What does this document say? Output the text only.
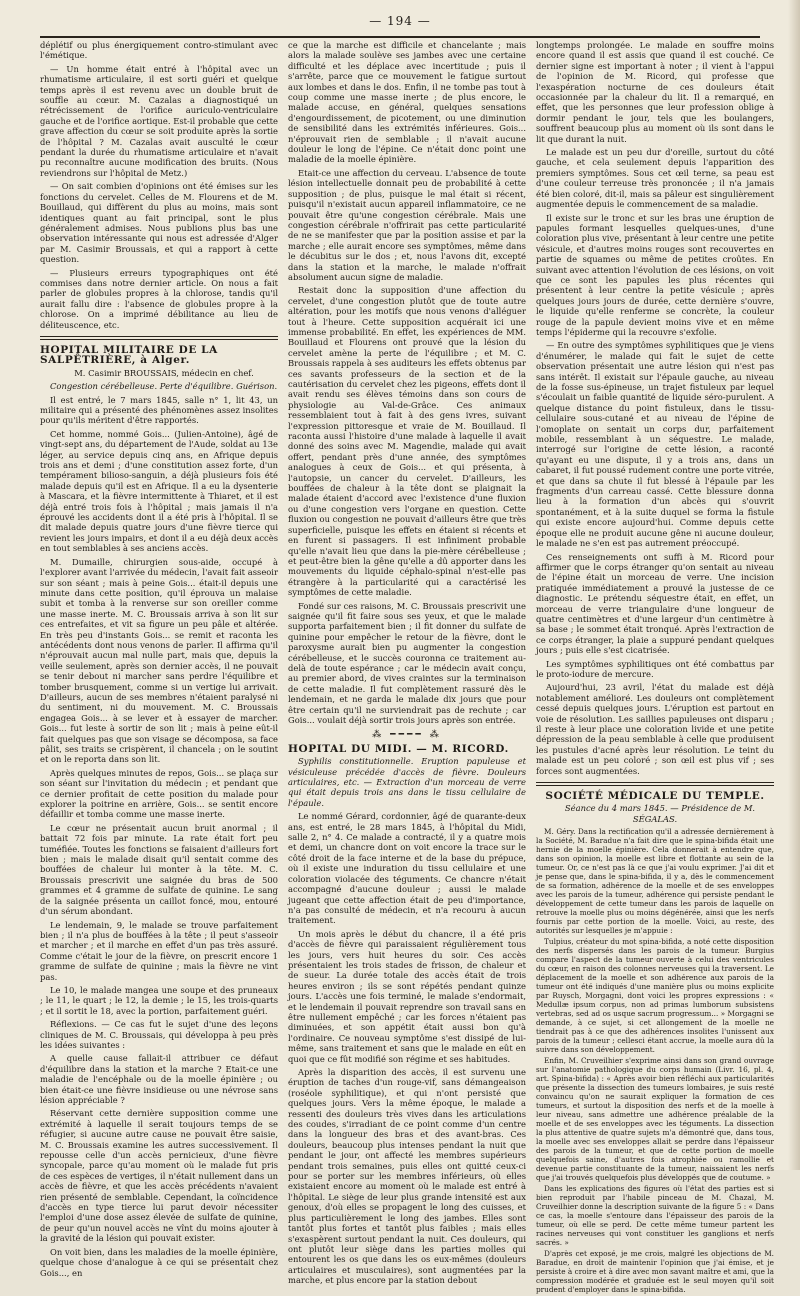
— 194 —

déplétif ou plus énergiquement contro-stimulant avec l'émétique.

— Un homme était entré à l'hôpital avec un rhumatisme articulaire, il est sorti guéri et quelque temps après il est revenu avec un double bruit de souffle au cœur. M. Cazalas a diagnostiqué un rétrécissement de l'orifice auriculo-ventriculaire gauche et de l'orifice aortique. Est-il probable que cette grave affection du cœur se soit produite après la sortie de l'hôpital ? M. Cazalas avait ausculté le cœur pendant la durée du rhumatisme articulaire et n'avait pu reconnaître aucune modification des bruits. (Nous reviendrons sur l'hôpital de Metz.)

— On sait combien d'opinions ont été émises sur les fonctions du cervelet. Celles de M. Flourens et de M. Bouillaud, qui diffèrent du plus au moins, mais sont identiques quant au fait principal, sont le plus généralement admises. Nous publions plus bas une observation intéressante qui nous est adressée d'Alger par M. Casimir Broussais, et qui a rapport à cette question.

— Plusieurs erreurs typographiques ont été commises dans notre dernier article. On nous a fait parler de globules propres à la chlorose, tandis qu'il aurait fallu dire : l'absence de globules propre à la chlorose. On a imprimé débilitance au lieu de déliteuscence, etc.

HOPITAL MILITAIRE DE LA SALPÊTRIÈRE, à Alger.

M. Casimir BROUSSAIS, médecin en chef.

Congestion cérébelleuse. Perte d'équilibre. Guérison.

Il est entré, le 7 mars 1845, salle n° 1, lit 43, un militaire qui a présenté des phénomènes assez insolites pour qu'ils méritent d'être rapportés.

Cet homme, nommé Gois... (Julien-Antoine), âgé de vingt-sept ans, du département de l'Aude, soldat au 13e léger, au service depuis cinq ans, en Afrique depuis trois ans et demi ; d'une constitution assez forte, d'un tempérament bilioso-sanguin, a déjà plusieurs fois été malade depuis qu'il est en Afrique. Il a eu la dysenterie à Mascara, et la fièvre intermittente à Thiaret, et il est déjà entré trois fois à l'hôpital ; mais jamais il n'a éprouvé les accidents dont il a été pris à l'hôpital. Il se dit malade depuis quatre jours d'une fièvre tierce qui revient les jours impairs, et dont il a eu déjà deux accès en tout semblables à ses anciens accès.

M. Dumaille, chirurgien sous-aide, occupé à l'explorer avant l'arrivée du médecin, l'avait fait asseoir sur son séant ; mais à peine Gois... était-il depuis une minute dans cette position, qu'il éprouva un malaise subit et tomba à la renverse sur son oreiller comme une masse inerte. M. C. Broussais arriva à son lit sur ces entrefaites, et vit sa figure un peu pâle et altérée. En très peu d'instants Gois... se remit et raconta les antécédents dont nous venons de parler. Il affirma qu'il n'éprouvait aucun mal nulle part, mais que, depuis la veille seulement, après son dernier accès, il ne pouvait se tenir debout ni marcher sans perdre l'équilibre et tomber brusquement, comme si un vertige lui arrivait. D'ailleurs, aucun de ses membres n'étaient paralysé ni du sentiment, ni du mouvement. M. C. Broussais engagea Gois... à se lever et à essayer de marcher. Gois... fut leste à sortir de son lit ; mais à peine eût-il fait quelques pas que son visage se décomposa, sa face pâlit, ses traits se crispèrent, il chancela ; on le soutint et on le reporta dans son lit.

Après quelques minutes de repos, Gois... se plaça sur son séant sur l'invitation du médecin ; et pendant que ce dernier profitait de cette position du malade pour explorer la poitrine en arrière, Gois... se sentit encore défaillir et tomba comme une masse inerte.

Le cœur ne présentait aucun bruit anormal ; il battait 72 fois par minute. La rate était fort peu tuméfiée. Toutes les fonctions se faisaient d'ailleurs fort bien ; mais le malade disait qu'il sentait comme des bouffées de chaleur lui monter à la tête. M. C. Broussais prescrivit une saignée du bras de 500 grammes et 4 gramme de sulfate de quinine. Le sang de la saignée présenta un caillot foncé, mou, entouré d'un sérum abondant.

Le lendemain, 9, le malade se trouve parfaitement bien ; il n'a plus de bouffées à la tête ; il peut s'asseoir et marcher ; et il marche en effet d'un pas très assuré. Comme c'était le jour de la fièvre, on prescrit encore 1 gramme de sulfate de quinine ; mais la fièvre ne vint pas.

Le 10, le malade mangea une soupe et des pruneaux ; le 11, le quart ; le 12, la demie ; le 15, les trois-quarts ; et il sortit le 18, avec la portion, parfaitement guéri.

Réflexions. — Ce cas fut le sujet d'une des leçons cliniques de M. C. Broussais, qui développa à peu près les idées suivantes :

A quelle cause fallait-il attribuer ce défaut d'équilibre dans la station et la marche ? Etait-ce une maladie de l'encéphale ou de la moelle épinière ; ou bien était-ce une fièvre insidieuse ou une névrose sans lésion appréciable ?

Réservant cette dernière supposition comme une extrémité à laquelle il serait toujours temps de se réfugier, si aucune autre cause ne pouvait être saisie, M. C. Broussais examine les autres successivement. Il repousse celle d'un accès pernicieux, d'une fièvre syncopale, parce qu'au moment où le malade fut pris de ces espèces de vertiges, il n'était nullement dans un accès de fièvre, et que les accès précédents n'avaient rien présenté de semblable. Cependant, la coïncidence d'accès en type tierce lui parut devoir nécessiter l'emploi d'une dose assez élevée de sulfate de quinine, de peur qu'un nouvel accès ne vînt du moins ajouter à la gravité de la lésion qui pouvait exister.

On voit bien, dans les maladies de la moelle épinière, quelque chose d'analogue à ce qui se présentait chez Gois..., en

ce que la marche est difficile et chancelante ; mais alors la malade soulève ses jambes avec une certaine difficulté et les déplace avec incertitude ; puis il s'arrête, parce que ce mouvement le fatigue surtout aux lombes et dans le dos. Enfin, il ne tombe pas tout à coup comme une masse inerte ; de plus encore, le malade accuse, en général, quelques sensations d'engourdissement, de picotement, ou une diminution de sensibilité dans les extrémités inférieures. Gois... n'éprouvait rien de semblable ; il n'avait aucune douleur le long de l'épine. Ce n'était donc point une maladie de la moelle épinière.

Etait-ce une affection du cerveau. L'absence de toute lésion intellectuelle donnait peu de probabilité à cette supposition ; de plus, puisque le mal était si récent, puisqu'il n'existait aucun appareil inflammatoire, ce ne pouvait être qu'une congestion cérébrale. Mais une congestion cérébrale n'offrirait pas cette particularité de ne se manifester que par la position assise et par la marche ; elle aurait encore ses symptômes, même dans le décubitus sur le dos ; et, nous l'avons dit, excepté dans la station et la marche, le malade n'offrait absolument aucun signe de maladie.

Restait donc la supposition d'une affection du cervelet, d'une congestion plutôt que de toute autre altération, pour les motifs que nous venons d'alléguer tout à l'heure. Cette supposition acquérait ici une immense probabilité. En effet, les expériences de MM. Bouillaud et Flourens ont prouvé que la lésion du cervelet amène la perte de l'équilibre ; et M. C. Broussais rappela à ses auditeurs les effets obtenus par ces savants professeurs de la section et de la cautérisation du cervelet chez les pigeons, effets dont il avait rendu ses élèves témoins dans son cours de physiologie au Val-de-Grâce. Ces animaux ressemblaient tout à fait à des gens ivres, suivant l'expression pittoresque et vraie de M. Bouillaud. Il raconta aussi l'histoire d'une malade à laquelle il avait donné des soins avec M. Magendie, malade qui avait offert, pendant près d'une année, des symptômes analogues à ceux de Gois... et qui présenta, à l'autopsie, un cancer du cervelet. D'ailleurs, les bouffées de chaleur à la tête dont se plaignait la malade étaient d'accord avec l'existence d'une fluxion ou d'une congestion vers l'organe en question. Cette fluxion ou congestion ne pouvait d'ailleurs être que très superficielle, puisque les effets en étaient si récents et en furent si passagers. Il est infiniment probable qu'elle n'avait lieu que dans la pie-mère cérébelleuse ; et peut-être bien la gêne qu'elle a dû apporter dans les mouvements du liquide céphalo-spinal n'est-elle pas étrangère à la particularité qui a caractérisé les symptômes de cette maladie.

Fondé sur ces raisons, M. C. Broussais prescrivit une saignée qu'il fit faire sous ses yeux, et que le malade supporta parfaitement bien ; il fit donner du sulfate de quinine pour empêcher le retour de la fièvre, dont le paroxysme aurait bien pu augmenter la congestion cérébelleuse, et le succès couronna ce traitement au-delà de toute espérance ; car le médecin avait conçu, au premier abord, de vives craintes sur la terminaison de cette maladie. Il fut complètement rassuré dès le lendemain, et ne garda le malade dix jours que pour être certain qu'il ne surviendrait pas de rechute ; car Gois... voulait déjà sortir trois jours après son entrée.

⁂ ━━━━ ⁂
HOPITAL DU MIDI. — M. RICORD.

Syphilis constitutionnelle. Eruption papuleuse et vésiculeuse précédée d'accès de fièvre. Douleurs articulaires, etc. — Extraction d'un morceau de verre qui était depuis trois ans dans le tissu cellulaire de l'épaule.

Le nommé Gérard, cordonnier, âgé de quarante-deux ans, est entré, le 28 mars 1845, à l'hôpital du Midi, salle 2, n° 4. Ce malade a contracté, il y a quatre mois et demi, un chancre dont on voit encore la trace sur le côté droit de la face interne et de la base du prépuce, où il existe une induration du tissu cellulaire et une coloration violacée des téguments. Ce chancre n'était accompagné d'aucune douleur ; aussi le malade jugeant que cette affection était de peu d'importance, n'a pas consulté de médecin, et n'a recouru à aucun traitement.

Un mois après le début du chancre, il a été pris d'accès de fièvre qui paraissaient régulièrement tous les jours, vers huit heures du soir. Ces accès présentaient les trois stades de frisson, de chaleur et de sueur. La durée totale des accès était de trois heures environ ; ils se sont répétés pendant quinze jours. L'accès une fois terminé, le malade s'endormait, et le lendemain il pouvait reprendre son travail sans en être nullement empêché ; car les forces n'étaient pas diminuées, et son appétit était aussi bon qu'à l'ordinaire. Ce nouveau symptôme s'est dissipé de lui-même, sans traitement et sans que le malade en eût en quoi que ce fût modifié son régime et ses habitudes.

Après la disparition des accès, il est survenu une éruption de taches d'un rouge-vif, sans démangeaison (roséole syphilitique), et qui n'ont persisté que quelques jours. Vers la même époque, le malade a ressenti des douleurs très vives dans les articulations des coudes, s'irradiant de ce point comme d'un centre dans la longueur des bras et des avant-bras. Ces douleurs, beaucoup plus intenses pendant la nuit que pendant le jour, ont affecté les membres supérieurs pendant trois semaines, puis elles ont quitté ceux-ci pour se porter sur les membres inférieurs, où elles existaient encore au moment où le malade est entré à l'hôpital. Le siège de leur plus grande intensité est aux genoux, d'où elles se propagent le long des cuisses, et plus particulièrement le long des jambes. Elles sont tantôt plus fortes et tantôt plus faibles ; mais elles s'exaspèrent surtout pendant la nuit. Ces douleurs, qui ont plutôt leur siège dans les parties molles qui entourent les os que dans les os eux-mêmes (douleurs articulaires et musculaires), sont augmentées par la marche, et plus encore par la station debout

longtemps prolongée. Le malade en souffre moins encore quand il est assis que quand il est couché. Ce dernier signe est important à noter ; il vient à l'appui de l'opinion de M. Ricord, qui professe que l'exaspération nocturne de ces douleurs était occasionnée par la chaleur du lit. Il a remarqué, en effet, que les personnes que leur profession oblige à dormir pendant le jour, tels que les boulangers, souffrent beaucoup plus au moment où ils sont dans le lit que durant la nuit.

Le malade est un peu dur d'oreille, surtout du côté gauche, et cela seulement depuis l'apparition des premiers symptômes. Sous cet œil terne, sa peau est d'une couleur terreuse très prononcée ; il n'a jamais été bien coloré, dit-il, mais sa pâleur est singulièrement augmentée depuis le commencement de sa maladie.

Il existe sur le tronc et sur les bras une éruption de papules formant lesquelles quelques-unes, d'une coloration plus vive, présentant à leur centre une petite vésicule, et d'autres moins rouges sont recouvertes en partie de squames ou même de petites croûtes. En suivant avec attention l'évolution de ces lésions, on voit que ce sont les papules les plus récentes qui présentent à leur centre la petite vésicule ; après quelques jours jours de durée, cette dernière s'ouvre, le liquide qu'elle renferme se concrète, la couleur rouge de la papule devient moins vive et en même temps l'épiderme qui la recouvre s'exfolie.

— En outre des symptômes syphilitiques que je viens d'énumérer, le malade qui fait le sujet de cette observation présentait une autre lésion qui n'est pas sans intérêt. Il existait sur l'épaule gauche, au niveau de la fosse sus-épineuse, un trajet fistuleux par lequel s'écoulait un faible quantité de liquide séro-purulent. A quelque distance du point fistuleux, dans le tissu-cellulaire sous-cutané et au niveau de l'épine de l'omoplate on sentait un corps dur, parfaitement mobile, ressemblant à un séquestre. Le malade, interrogé sur l'origine de cette lésion, a raconté qu'ayant eu une dispute, il y a trois ans, dans un cabaret, il fut poussé rudement contre une porte vitrée, et que dans sa chute il fut blessé à l'épaule par les fragments d'un carreau cassé. Cette blessure donna lieu à la formation d'un abcès qui s'ouvrit spontanément, et à la suite duquel se forma la fistule qui existe encore aujourd'hui. Comme depuis cette époque elle ne produit aucune gêne ni aucune douleur, le malade ne s'en est pas autrement préoccupé.

Ces renseignements ont suffi à M. Ricord pour affirmer que le corps étranger qu'on sentait au niveau de l'épine était un morceau de verre. Une incision pratiquée immédiatement a prouvé la justesse de ce diagnostic. Le prétendu séquestre était, en effet, un morceau de verre triangulaire d'une longueur de quatre centimètres et d'une largeur d'un centimètre à sa base ; le sommet était tronqué. Après l'extraction de ce corps étranger, la plaie a suppuré pendant quelques jours ; puis elle s'est cicatrisée.

Les symptômes syphilitiques ont été combattus par le proto-iodure de mercure.

Aujourd'hui, 23 avril, l'état du malade est déjà notablement amélioré. Les douleurs ont complètement cessé depuis quelques jours. L'éruption est partout en voie de résolution. Les saillies papuleuses ont disparu ; il reste à leur place une coloration livide et une petite dépression de la peau semblable à celle que produisent les pustules d'acné après leur résolution. Le teint du malade est un peu coloré ; son œil est plus vif ; ses forces sont augmentées.

SOCIÉTÉ MÉDICALE DU TEMPLE.

Séance du 4 mars 1845. — Présidence de M. SÉGALAS.

M. Géry. Dans la rectification qu'il a adressée dernièrement à la Société, M. Baradue n'a fait dire que le spina-bifida était une hernie de la moelle épinière. Cela donnerait à entendre que, dans son opinion, la moelle est libre et flottante au sein de la tumeur. Or, ce n'est pas là ce que j'ai voulu exprimer. J'ai dit et je pense que, dans le spina-bifida, il y a, dès le commencement de sa formation, adhérence de la moelle et de ses enveloppes avec les parois de la tumeur, adhérence qui persiste pendant le développement de cette tumeur dans les parois de laquelle on retrouve la moelle plus ou moins dégénérée, ainsi que les nerfs fournis par cette portion de la moelle. Voici, au reste, des autorités sur lesquelles je m'appuie :

Tulpius, créateur du mot spina-bifida, a noté cette disposition des nerfs dispersés dans les parois de la tumeur. Burgius compare l'aspect de la tumeur ouverte à celui des ventricules du cœur, en raison des colonnes nerveuses qui la traversent. Le déplacement de la moelle et son adhérence aux parois de la tumeur ont été indiqués d'une manière plus ou moins explicite par Ruysch, Morgagni, dont voici les propres expressions : « Medullæ ipsum corpus, non ad primas lumborum subsistens vertebras, sed ad os usque sacrum progressum... » Morgagni se demande, à ce sujet, si cet allongement de la moelle ne tiendrait pas à ce que des adhérences insolites l'unissent aux parois de la tumeur ; cellesci étant accrue, la moelle aura dû la suivre dans son développement.

Enfin, M. Cruveilhier s'exprime ainsi dans son grand ouvrage sur l'anatomie pathologique du corps humain (Livr. 16, pl. 4, art. Spina-bifida) : « Après avoir bien réfléchi aux particularités que présente la dissection des tumeurs lombaires, je suis resté convaincu qu'on ne saurait expliquer la formation de ces tumeurs, et surtout la disposition des nerfs et de la moelle à leur niveau, sans admettre une adhérence préalable de la moelle et de ses enveloppes avec les téguments. La dissection la plus attentive de quatre sujets m'a démontré que, dans tous, la moelle avec ses enveloppes allait se perdre dans l'épaisseur des parois de la tumeur, et que de cette portion de moelle quelquefois saine, d'autres fois atrophiée ou ramollie et devenue partie constituante de la tumeur, naissaient les nerfs que j'ai trouvés quelquefois plus développés que de coutume. »

Dans les explications des figures où l'état des parties est si bien reproduit par l'habile pinceau de M. Chazal, M. Cruveilhier donne la description suivante de la figure 5 : « Dans ce cas, la moelle s'entoure dans l'épaisseur des parois de la tumeur, où elle se perd. De cette même tumeur partent les racines nerveuses qui vont constituer les ganglions et nerfs sacrés. »

D'après cet exposé, je me crois, malgré les objections de M. Baradue, en droit de maintenir l'opinion que j'ai émise, et je persiste à croire et à dire avec mon savant maître et ami, que la compression modérée et graduée est le seul moyen qu'il soit prudent d'employer dans le spina-bifida.
